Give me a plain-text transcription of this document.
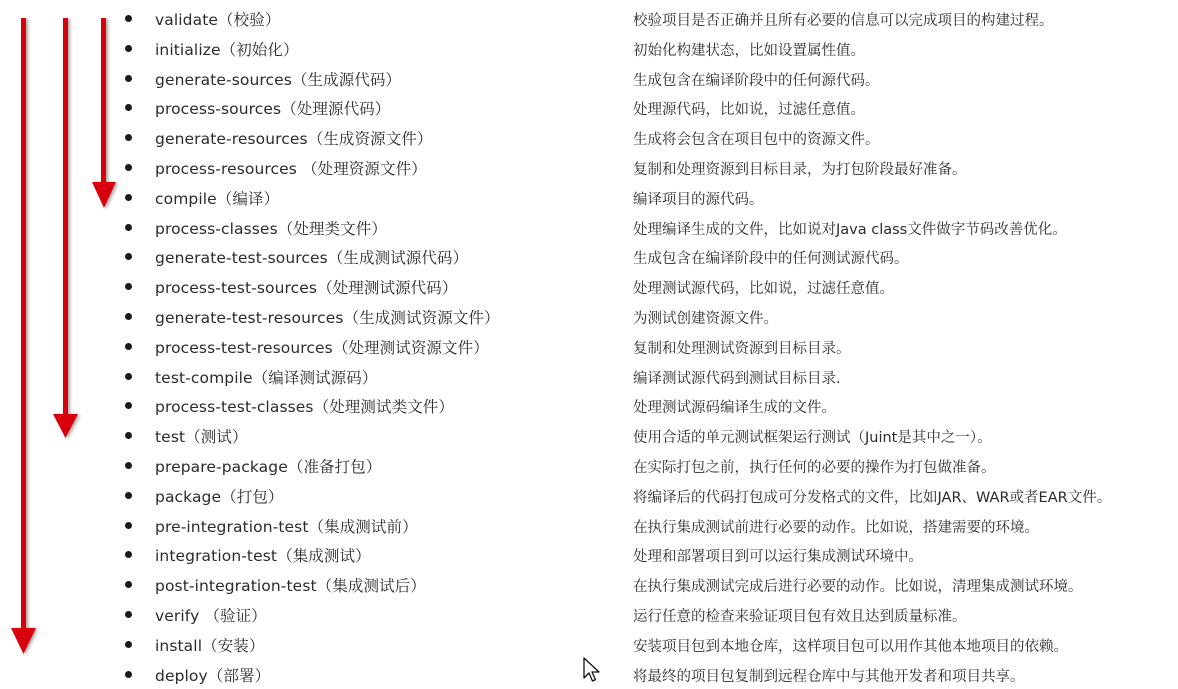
validate（校验）	校验项目是否正确并且所有必要的信息可以完成项目的构建过程。
initialize（初始化）	初始化构建状态，比如设置属性值。
generate-sources（生成源代码）	生成包含在编译阶段中的任何源代码。
process-sources（处理源代码）	处理源代码，比如说，过滤任意值。
generate-resources（生成资源文件）	生成将会包含在项目包中的资源文件。
process-resources （处理资源文件）	复制和处理资源到目标目录，为打包阶段最好准备。
compile（编译）	编译项目的源代码。
process-classes（处理类文件）	处理编译生成的文件，比如说对Java class文件做字节码改善优化。
generate-test-sources（生成测试源代码）	生成包含在编译阶段中的任何测试源代码。
process-test-sources（处理测试源代码）	处理测试源代码，比如说，过滤任意值。
generate-test-resources（生成测试资源文件）	为测试创建资源文件。
process-test-resources（处理测试资源文件）	复制和处理测试资源到目标目录。
test-compile（编译测试源码）	编译测试源代码到测试目标目录.
process-test-classes（处理测试类文件）	处理测试源码编译生成的文件。
test（测试）	使用合适的单元测试框架运行测试（Juint是其中之一）。
prepare-package（准备打包）	在实际打包之前，执行任何的必要的操作为打包做准备。
package（打包）	将编译后的代码打包成可分发格式的文件，比如JAR、WAR或者EAR文件。
pre-integration-test（集成测试前）	在执行集成测试前进行必要的动作。比如说，搭建需要的环境。
integration-test（集成测试）	处理和部署项目到可以运行集成测试环境中。
post-integration-test（集成测试后）	在执行集成测试完成后进行必要的动作。比如说，清理集成测试环境。
verify （验证）	运行任意的检查来验证项目包有效且达到质量标准。
install（安装）	安装项目包到本地仓库，这样项目包可以用作其他本地项目的依赖。
deploy（部署）	将最终的项目包复制到远程仓库中与其他开发者和项目共享。
